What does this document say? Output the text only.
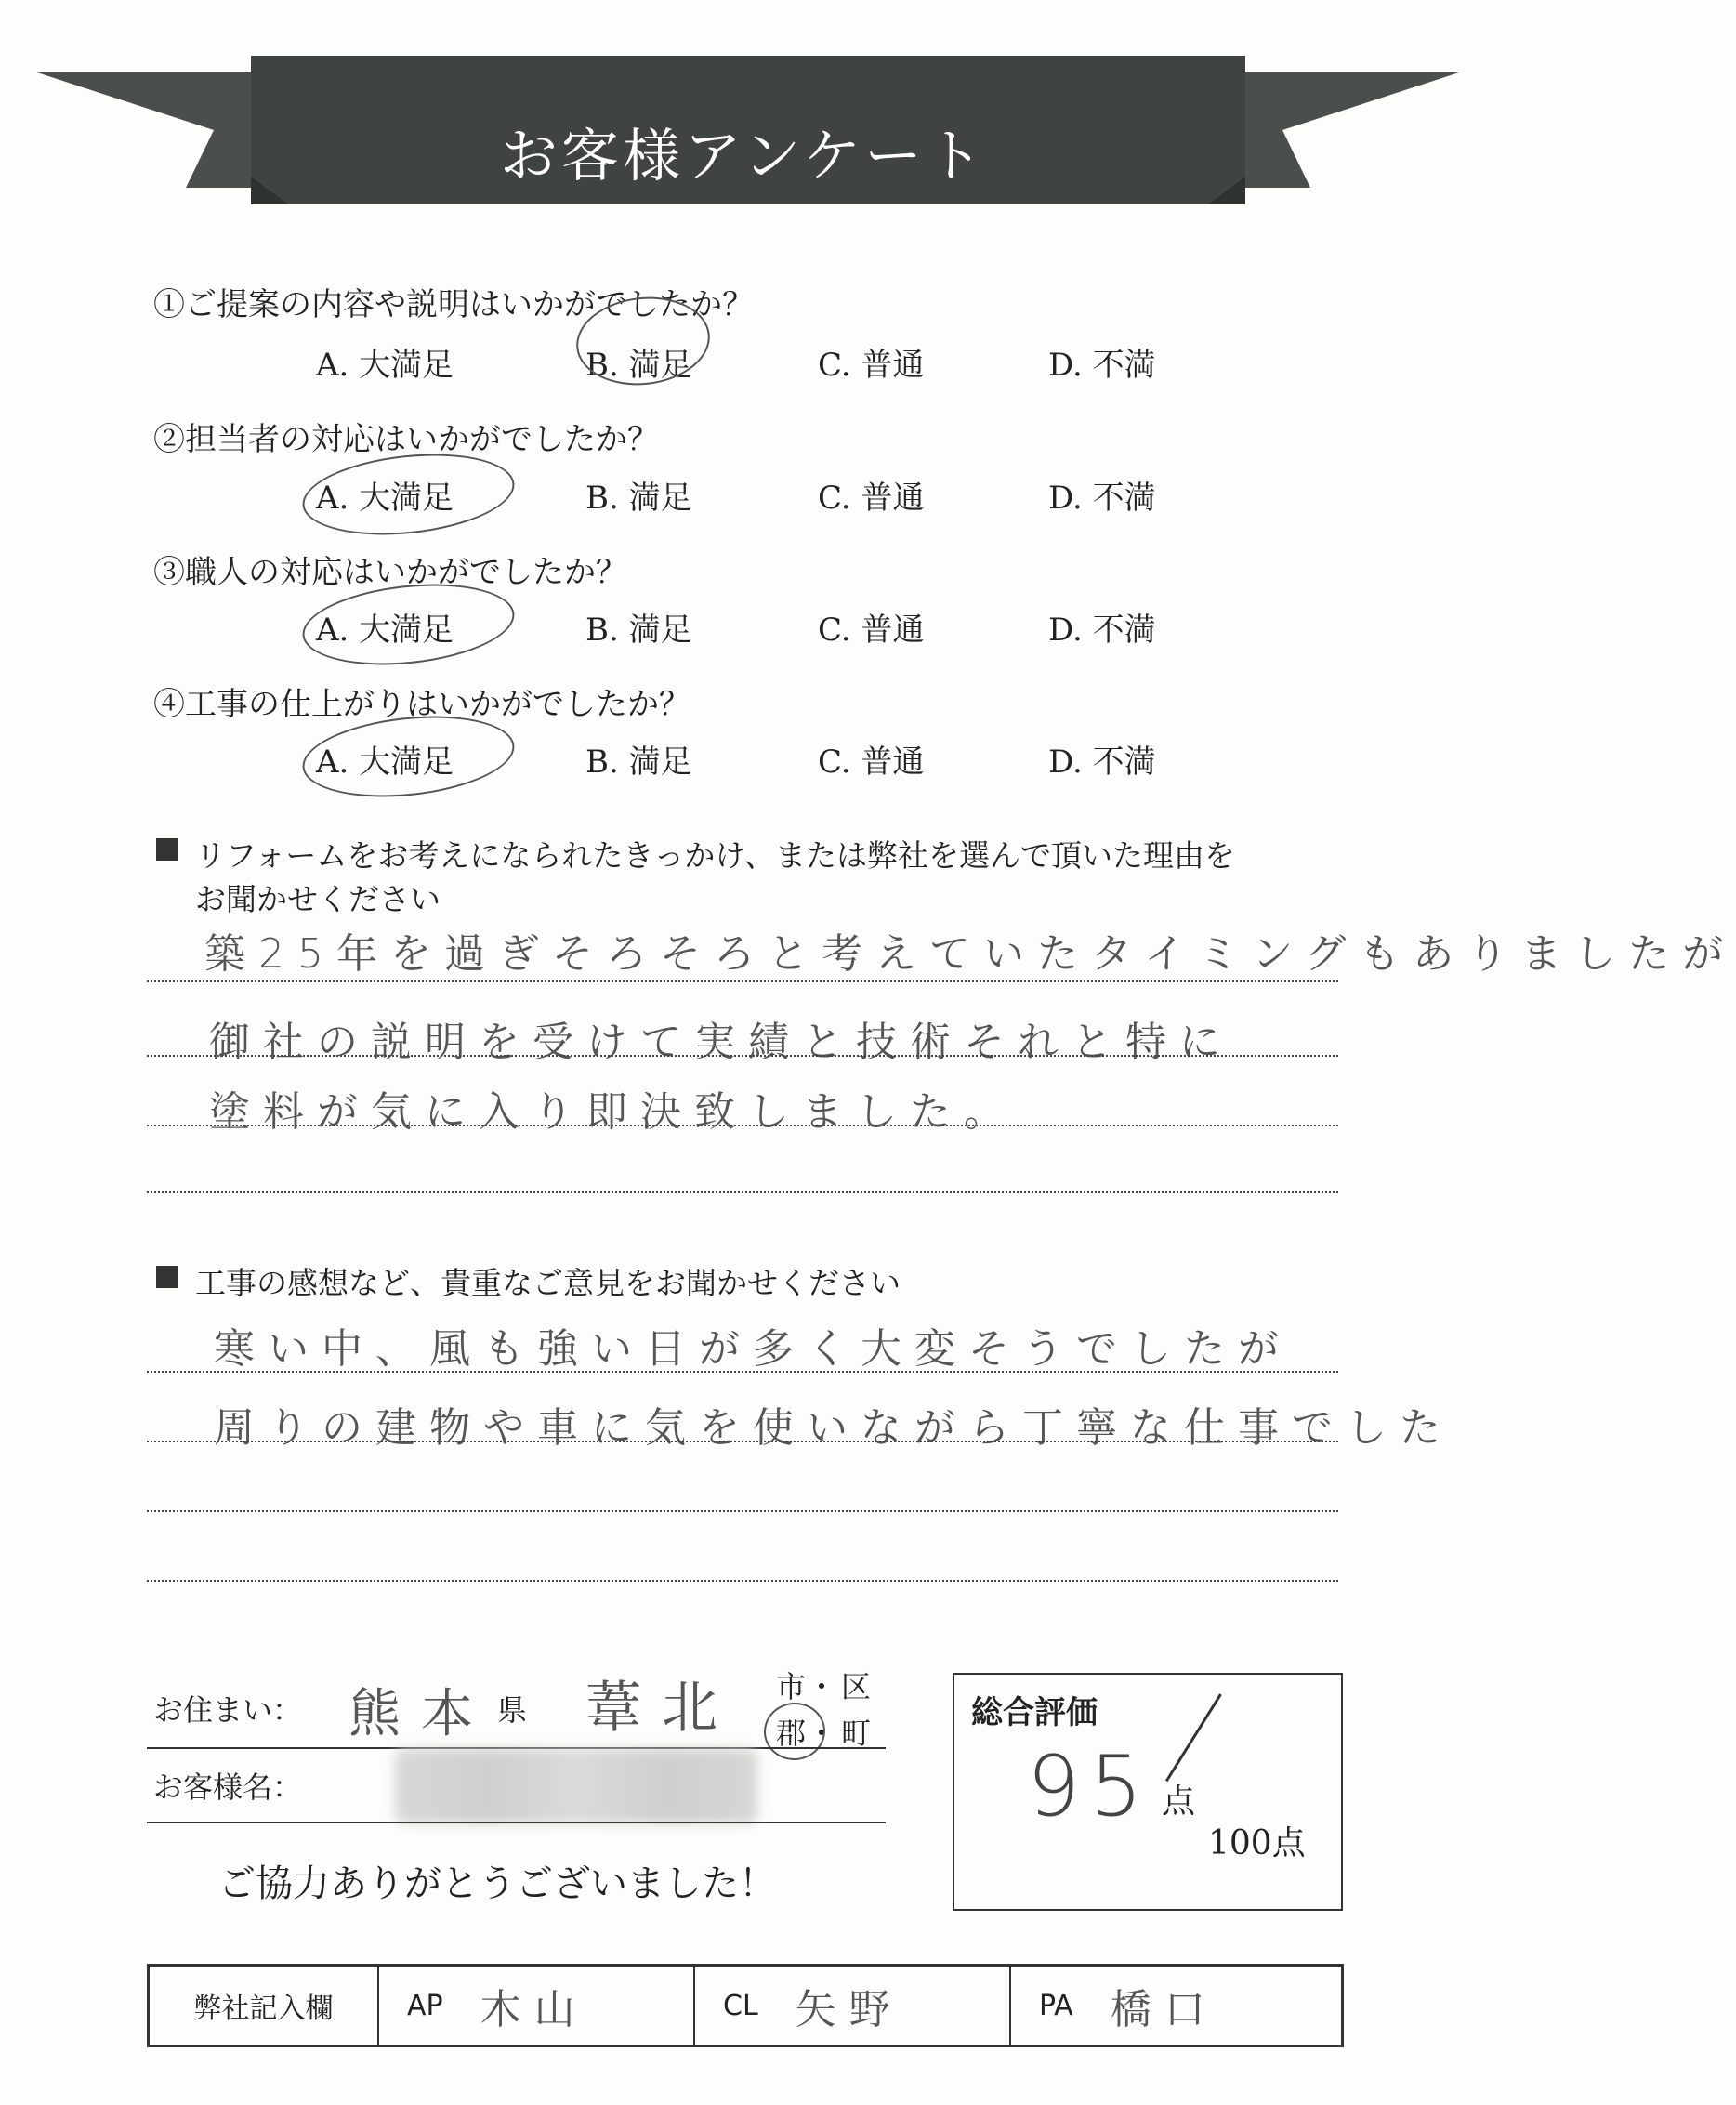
お客様アンケート
①ご提案の内容や説明はいかがでしたか？
A. 大満足	B. 満足	C. 普通	D. 不満
②担当者の対応はいかがでしたか？
A. 大満足	B. 満足	C. 普通	D. 不満
③職人の対応はいかがでしたか？
A. 大満足	B. 満足	C. 普通	D. 不満
④工事の仕上がりはいかがでしたか？
A. 大満足	B. 満足	C. 普通	D. 不満
リフォームをお考えになられたきっかけ、または弊社を選んで頂いた理由を
お聞かせください
築25年を過ぎそろそろと考えていたタイミングもありましたが
御社の説明を受けて実績と技術それと特に
塗料が気に入り即決致しました。
工事の感想など、貴重なご意見をお聞かせください
寒い中、風も強い日が多く大変そうでしたが
周りの建物や車に気を使いながら丁寧な仕事でした
お住まい： 熊本 県 葦北 市 ・ 区
郡 ・ 町
お客様名：
ご協力ありがとうございました！
総合評価
95 点
100点
弊社記入欄	AP 木山	CL 矢野	PA 橋口
